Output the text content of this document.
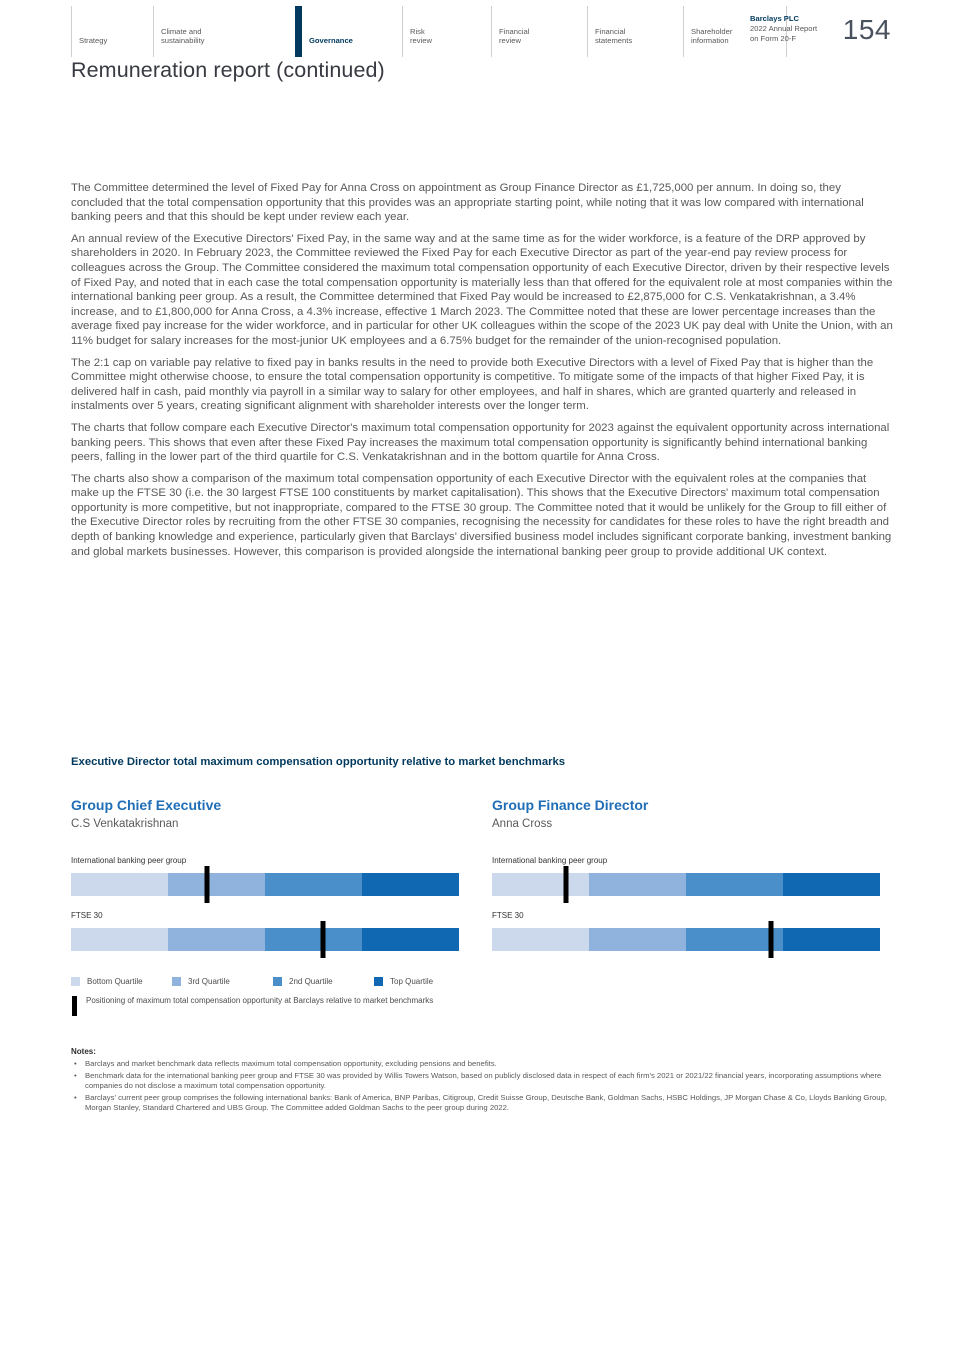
Strategy
Climate and sustainability	Governance
Risk review
Financial review
Financial statements
Shareholder information
Barclays PLC
2022 Annual Report
on Form 20-F	154
Remuneration report (continued)

The Committee determined the level of Fixed Pay for Anna Cross on appointment as Group Finance Director as £1,725,000 per annum. In doing so, they concluded that the total compensation opportunity that this provides was an appropriate starting point, while noting that it was low compared with international banking peers and that this should be kept under review each year.

An annual review of the Executive Directors' Fixed Pay, in the same way and at the same time as for the wider workforce, is a feature of the DRP approved by shareholders in 2020. In February 2023, the Committee reviewed the Fixed Pay for each Executive Director as part of the year-end pay review process for colleagues across the Group. The Committee considered the maximum total compensation opportunity of each Executive Director, driven by their respective levels of Fixed Pay, and noted that in each case the total compensation opportunity is materially less than that offered for the equivalent role at most companies within the international banking peer group. As a result, the Committee determined that Fixed Pay would be increased to £2,875,000 for C.S. Venkatakrishnan, a 3.4% increase, and to £1,800,000 for Anna Cross, a 4.3% increase, effective 1 March 2023. The Committee noted that these are lower percentage increases than the average fixed pay increase for the wider workforce, and in particular for other UK colleagues within the scope of the 2023 UK pay deal with Unite the Union, with an 11% budget for salary increases for the most-junior UK employees and a 6.75% budget for the remainder of the union-recognised population.

The 2:1 cap on variable pay relative to fixed pay in banks results in the need to provide both Executive Directors with a level of Fixed Pay that is higher than the Committee might otherwise choose, to ensure the total compensation opportunity is competitive. To mitigate some of the impacts of that higher Fixed Pay, it is delivered half in cash, paid monthly via payroll in a similar way to salary for other employees, and half in shares, which are granted quarterly and released in instalments over 5 years, creating significant alignment with shareholder interests over the longer term.

The charts that follow compare each Executive Director's maximum total compensation opportunity for 2023 against the equivalent opportunity across international banking peers. This shows that even after these Fixed Pay increases the maximum total compensation opportunity is significantly behind international banking peers, falling in the lower part of the third quartile for C.S. Venkatakrishnan and in the bottom quartile for Anna Cross.

The charts also show a comparison of the maximum total compensation opportunity of each Executive Director with the equivalent roles at the companies that make up the FTSE 30 (i.e. the 30 largest FTSE 100 constituents by market capitalisation). This shows that the Executive Directors' maximum total compensation opportunity is more competitive, but not inappropriate, compared to the FTSE 30 group. The Committee noted that it would be unlikely for the Group to fill either of the Executive Director roles by recruiting from the other FTSE 30 companies, recognising the necessity for candidates for these roles to have the right breadth and depth of banking knowledge and experience, particularly given that Barclays' diversified business model includes significant corporate banking, investment banking and global markets businesses. However, this comparison is provided alongside the international banking peer group to provide additional UK context.

Executive Director total maximum compensation opportunity relative to market benchmarks
Group Chief Executive
C.S Venkatakrishnan
International banking peer group
FTSE 30
Group Finance Director
Anna Cross
International banking peer group
FTSE 30
Bottom Quartile	3rd Quartile	2nd Quartile	Top Quartile
Positioning of maximum total compensation opportunity at Barclays relative to market benchmarks
Notes:
• Barclays and market benchmark data reflects maximum total compensation opportunity, excluding pensions and benefits.
• Benchmark data for the international banking peer group and FTSE 30 was provided by Willis Towers Watson, based on publicly disclosed data in respect of each firm's 2021 or 2021/22 financial years, incorporating assumptions where companies do not disclose a maximum total compensation opportunity.
• Barclays' current peer group comprises the following international banks: Bank of America, BNP Paribas, Citigroup, Credit Suisse Group, Deutsche Bank, Goldman Sachs, HSBC Holdings, JP Morgan Chase & Co, Lloyds Banking Group, Morgan Stanley, Standard Chartered and UBS Group. The Committee added Goldman Sachs to the peer group during 2022.
